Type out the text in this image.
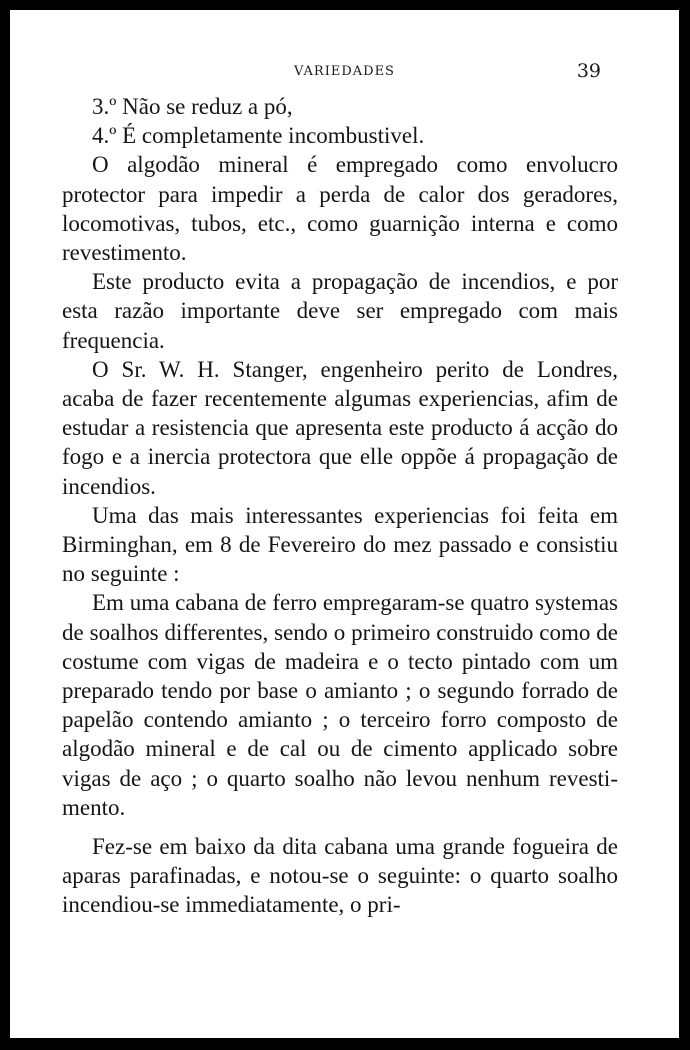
VARIEDADES	39

3.º Não se reduz a pó,

4.º É completamente incombustivel.

O algodão mineral é empregado como envolucro protector para impedir a perda de calor dos geradores, locomotivas, tubos, etc., como guarnição interna e como revestimento.

Este producto evita a propagação de incendios, e por esta razão importante deve ser empregado com mais frequencia.

O Sr. W. H. Stanger, engenheiro perito de Londres, acaba de fazer recentemente algumas experiencias, afim de estudar a resistencia que apresenta este producto á acção do fogo e a inercia protectora que elle oppõe á propagação de incendios.

Uma das mais interessantes experiencias foi feita em Birminghan, em 8 de Fevereiro do mez passado e consistiu no seguinte :

Em uma cabana de ferro empregaram-se quatro systemas de soalhos differentes, sendo o primeiro construido como de costume com vigas de madeira e o tecto pintado com um preparado tendo por base o amianto ; o segundo forrado de papelão contendo amianto ; o terceiro forro composto de algodão mineral e de cal ou de cimento applicado sobre vigas de aço ; o quarto soalho não levou nenhum revestimento.

Fez-se em baixo da dita cabana uma grande fogueira de aparas parafinadas, e notou-se o seguinte: o quarto soalho incendiou-se immediatamente, o pri-
